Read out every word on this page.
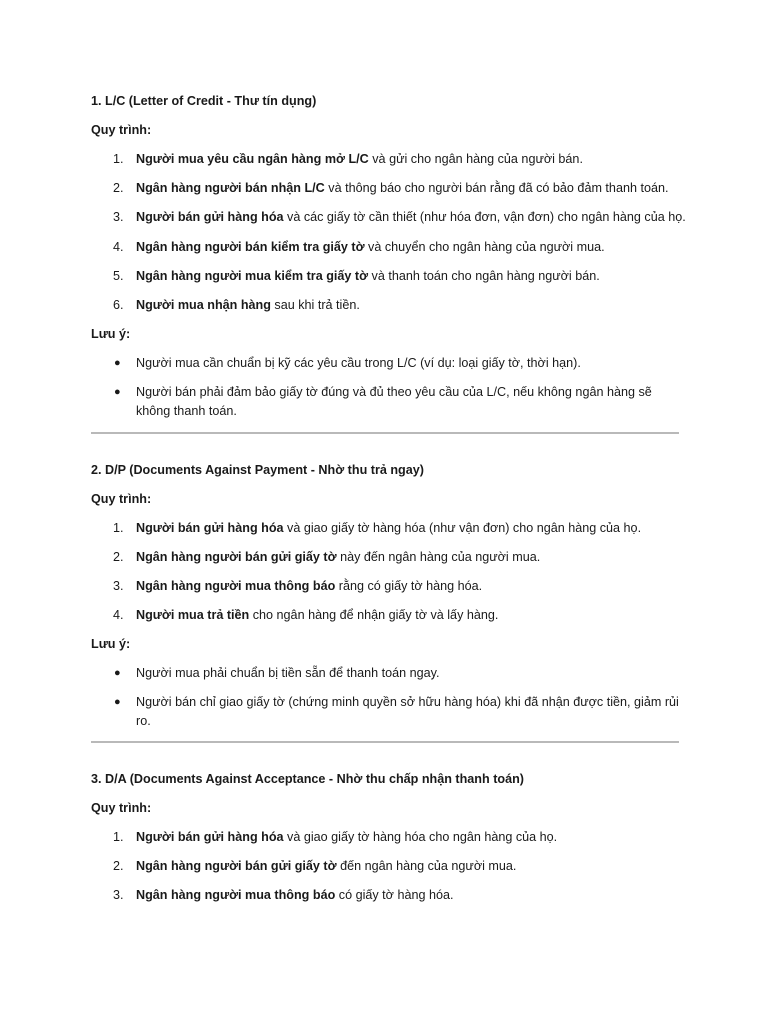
1. L/C (Letter of Credit - Thư tín dụng)
Quy trình:
1. Người mua yêu cầu ngân hàng mở L/C và gửi cho ngân hàng của người bán.
2. Ngân hàng người bán nhận L/C và thông báo cho người bán rằng đã có bảo đảm thanh toán.
3. Người bán gửi hàng hóa và các giấy tờ cần thiết (như hóa đơn, vận đơn) cho ngân hàng của họ.
4. Ngân hàng người bán kiểm tra giấy tờ và chuyển cho ngân hàng của người mua.
5. Ngân hàng người mua kiểm tra giấy tờ và thanh toán cho ngân hàng người bán.
6. Người mua nhận hàng sau khi trả tiền.
Lưu ý:
● Người mua cần chuẩn bị kỹ các yêu cầu trong L/C (ví dụ: loại giấy tờ, thời hạn).
● Người bán phải đảm bảo giấy tờ đúng và đủ theo yêu cầu của L/C, nếu không ngân hàng sẽ không thanh toán.
2. D/P (Documents Against Payment - Nhờ thu trả ngay)
Quy trình:
1. Người bán gửi hàng hóa và giao giấy tờ hàng hóa (như vận đơn) cho ngân hàng của họ.
2. Ngân hàng người bán gửi giấy tờ này đến ngân hàng của người mua.
3. Ngân hàng người mua thông báo rằng có giấy tờ hàng hóa.
4. Người mua trả tiền cho ngân hàng để nhận giấy tờ và lấy hàng.
Lưu ý:
● Người mua phải chuẩn bị tiền sẵn để thanh toán ngay.
● Người bán chỉ giao giấy tờ (chứng minh quyền sở hữu hàng hóa) khi đã nhận được tiền, giảm rủi ro.
3. D/A (Documents Against Acceptance - Nhờ thu chấp nhận thanh toán)
Quy trình:
1. Người bán gửi hàng hóa và giao giấy tờ hàng hóa cho ngân hàng của họ.
2. Ngân hàng người bán gửi giấy tờ đến ngân hàng của người mua.
3. Ngân hàng người mua thông báo có giấy tờ hàng hóa.
